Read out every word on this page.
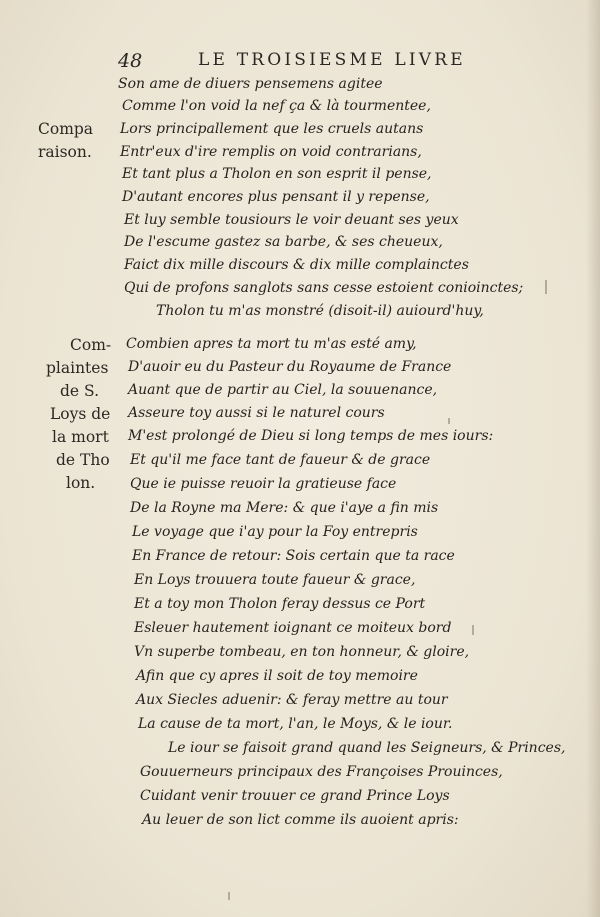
48	LE TROISIESME LIVRE
Compa
raison.
Com-
plaintes
de S.
Loys de
la mort
de Tho
lon.
Son ame de diuers pensemens agitee
Comme l'on void la nef ça & là tourmentee,
Lors principallement que les cruels autans
Entr'eux d'ire remplis on void contrarians,
Et tant plus a Tholon en son esprit il pense,
D'autant encores plus pensant il y repense,
Et luy semble tousiours le voir deuant ses yeux
De l'escume gastez sa barbe, & ses cheueux,
Faict dix mille discours & dix mille complainctes
Qui de profons sanglots sans cesse estoient conioinctes;
Tholon tu m'as monstré (disoit-il) auiourd'huy,
Combien apres ta mort tu m'as esté amy,
D'auoir eu du Pasteur du Royaume de France
Auant que de partir au Ciel, la souuenance,
Asseure toy aussi si le naturel cours
M'est prolongé de Dieu si long temps de mes iours:
Et qu'il me face tant de faueur & de grace
Que ie puisse reuoir la gratieuse face
De la Royne ma Mere: & que i'aye a fin mis
Le voyage que i'ay pour la Foy entrepris
En France de retour: Sois certain que ta race
En Loys trouuera toute faueur & grace,
Et a toy mon Tholon feray dessus ce Port
Esleuer hautement ioignant ce moiteux bord
Vn superbe tombeau, en ton honneur, & gloire,
Afin que cy apres il soit de toy memoire
Aux Siecles aduenir: & feray mettre au tour
La cause de ta mort, l'an, le Moys, & le iour.
Le iour se faisoit grand quand les Seigneurs, & Princes,
Gouuerneurs principaux des Françoises Prouinces,
Cuidant venir trouuer ce grand Prince Loys
Au leuer de son lict comme ils auoient apris:
